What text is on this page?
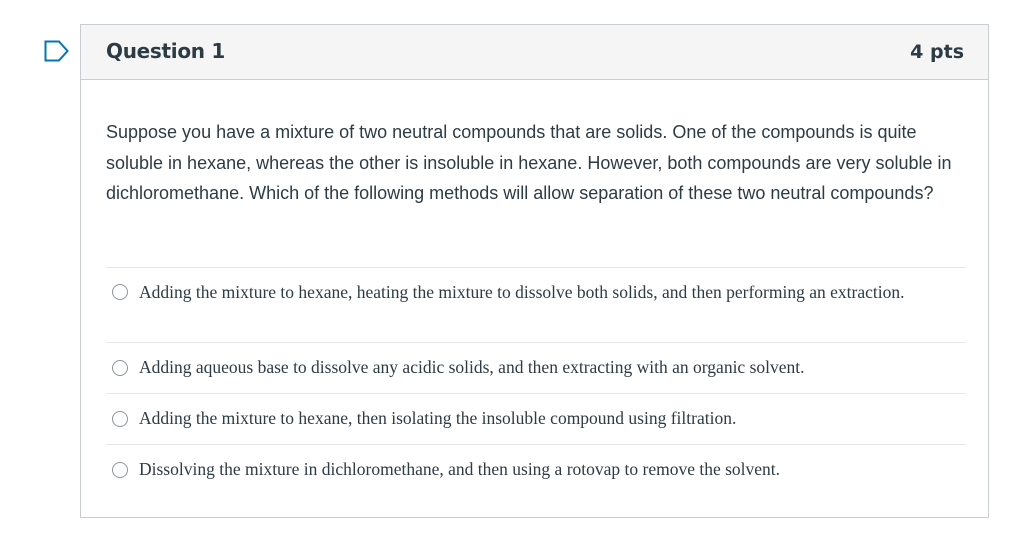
Question 1	4 pts
Suppose you have a mixture of two neutral compounds that are solids. One of the compounds is quite soluble in hexane, whereas the other is insoluble in hexane. However, both compounds are very soluble in dichloromethane. Which of the following methods will allow separation of these two neutral compounds?
Adding the mixture to hexane, heating the mixture to dissolve both solids, and then performing an extraction.
Adding aqueous base to dissolve any acidic solids, and then extracting with an organic solvent.
Adding the mixture to hexane, then isolating the insoluble compound using filtration.
Dissolving the mixture in dichloromethane, and then using a rotovap to remove the solvent.
